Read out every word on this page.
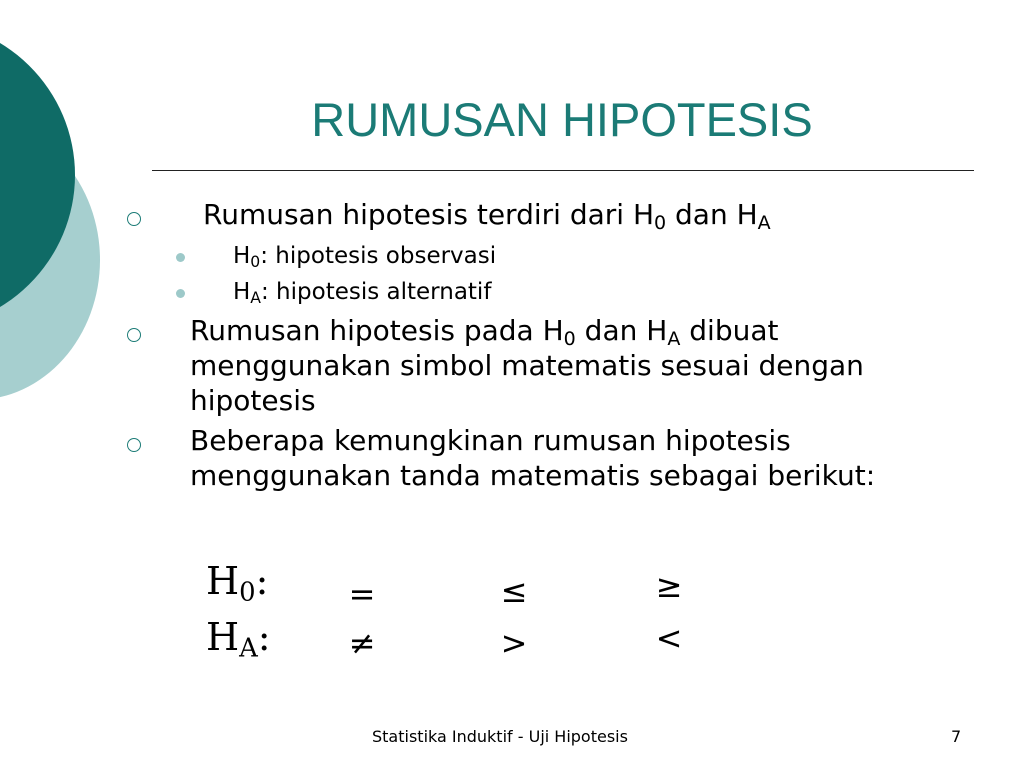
RUMUSAN HIPOTESIS
Rumusan hipotesis terdiri dari $H_0$ dan $H_A$
$H_0$: hipotesis observasi
$H_A$: hipotesis alternatif
Rumusan hipotesis pada $H_0$ dan $H_A$ dibuat menggunakan simbol matematis sesuai dengan hipotesis
Beberapa kemungkinan rumusan hipotesis menggunakan tanda matematis sebagai berikut:
$H_0$:	=	≤	≥
$H_A$: ≠	>	<
Statistika Induktif - Uji Hipotesis	7
